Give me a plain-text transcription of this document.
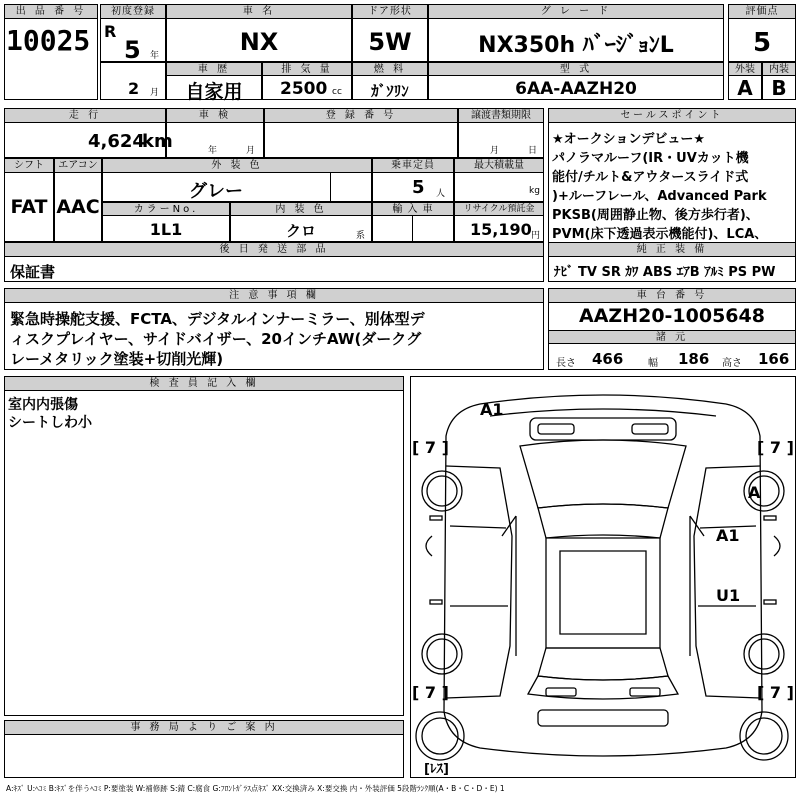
出 品 番 号
10025
初度登録
R
5 年
車 名
NX
ドア形状
5W
グ レ ー ド
NX350h ﾊﾞｰｼﾞｮﾝL
評価点
5
2 月
車 歴
自家用
排 気 量
2500 cc
燃 料
ｶﾞｿﾘﾝ
型 式
6AA-AAZH20
外装
A
内装
B
走 行
4,624
km
車 検
年	月
登 録 番 号	譲渡書類期限
月	日
シフト
FAT
エアコン
AAC
外 装 色
グレー
乗車定員
5 人
最大積載量
kg
カラーNo.
1L1
内 装 色
クロ	系
輸 入 車	リサイクル預託金
15,190 円
後 日 発 送 部 品
保証書
セールスポイント
★オークションデビュー★
パノラマルーフ(IR・UVカット機
能付/チルト&アウタースライド式
)+ルーフレール、Advanced Park
PKSB(周囲静止物、後方歩行者)、
PVM(床下透過表示機能付)、LCA、
純 正 装 備
ﾅﾋﾞ TV SR ｶﾜ ABS ｴｱB ｱﾙﾐ PS PW
注 意 事 項 欄
緊急時操舵支援、FCTA、デジタルインナーミラー、別体型デ
ィスクプレイヤー、サイドバイザー、20インチAW(ダークグ
レーメタリック塗装+切削光輝)
車 台 番 号
AAZH20-1005648
諸 元
長さ 466 幅 186 高さ 166
検 査 員 記 入 欄
室内内張傷
シートしわ小
事 務 局 よ り ご 案 内
A1
[ 7 ]	[ 7 ]
A
A1
U1
[ 7 ]	[ 7 ]
[ﾚｽ]
A:ｷｽﾞ U:ﾍｺﾐ B:ｷｽﾞを伴うﾍｺﾐ P:要塗装 W:補修跡 S:錆 C:腐食 G:ﾌﾛﾝﾄｶﾞﾗｽ点ｷｽﾞ XX:交換済み X:要交換 内・外装評価 5段階ﾗﾝｸ順(A・B・C・D・E) 1
